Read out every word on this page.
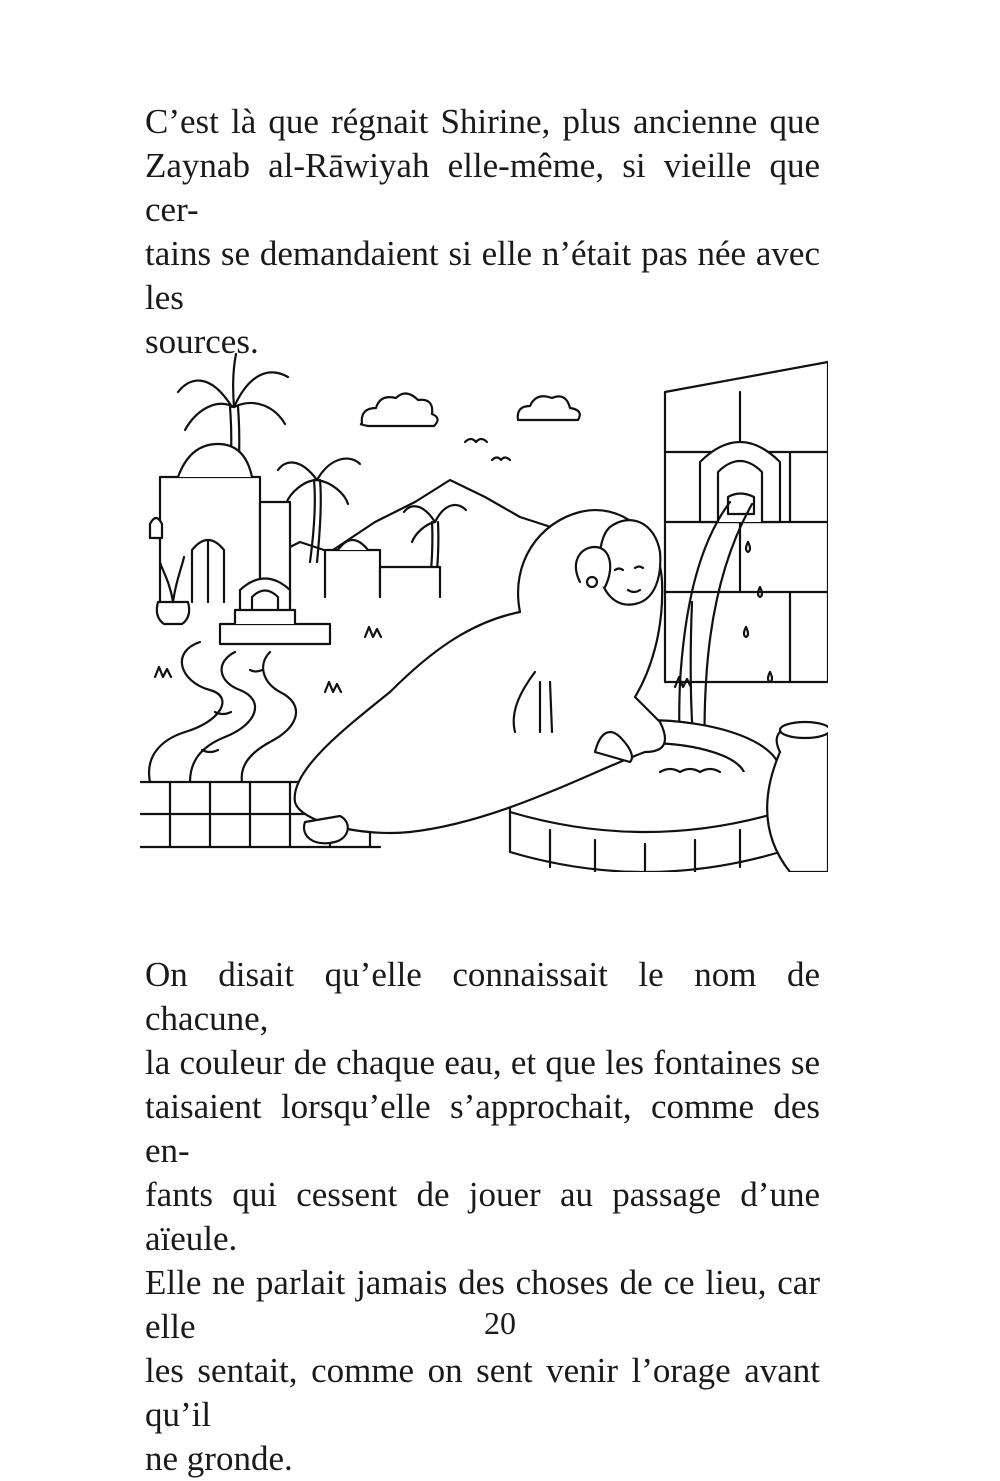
C’est là que régnait Shirine, plus ancienne que
Zaynab al-Rāwiyah elle-même, si vieille que cer-
tains se demandaient si elle n’était pas née avec les
sources.

On disait qu’elle connaissait le nom de chacune,
la couleur de chaque eau, et que les fontaines se
taisaient lorsqu’elle s’approchait, comme des en-
fants qui cessent de jouer au passage d’une aïeule.
Elle ne parlait jamais des choses de ce lieu, car elle
les sentait, comme on sent venir l’orage avant qu’il
ne gronde.

20
